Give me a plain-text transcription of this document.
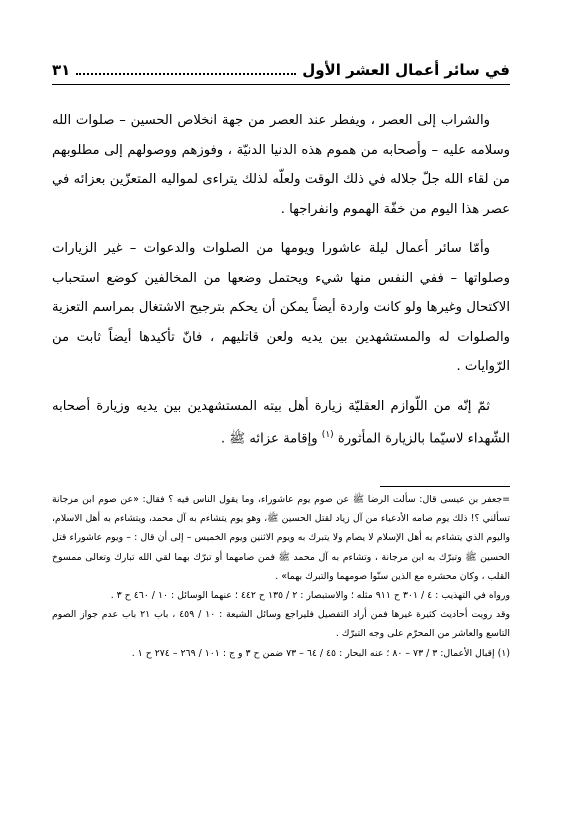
في سائر أعمال العشر الأول
٣١

والشراب إلى العصر ، ويفطر عند العصر من جهة انخلاص الحسين – صلوات الله وسلامه عليه – وأصحابه من هموم هذه الدنيا الدنيّة ، وفوزهم ووصولهم إلى مطلوبهم من لقاء الله جلّ جلاله في ذلك الوقت ولعلّه لذلك يتراءى لمواليه المتعزّين بعزائه في عصر هذا اليوم من خفّة الهموم وانفراجها .

وأمّا سائر أعمال ليلة عاشورا ويومها من الصلوات والدعوات – غير الزيارات وصلواتها – ففي النفس منها شيء ويحتمل وضعها من المخالفين كوضع استحباب الاكتحال وغيرها ولو كانت واردة أيضاً يمكن أن يحكم بترجيح الاشتغال بمراسم التعزية والصلوات له والمستشهدين بين يديه ولعن قاتليهم ، فانّ تأكيدها أيضاً ثابت من الرّوايات .

ثمّ إنّه من اللّوازم العقليّة زيارة أهل بيته المستشهدين بين يديه وزيارة أصحابه الشّهداء لاسيّما بالزيارة المأثورة $^{(١)}$ وإقامة عزائه ﷺ .

=جعفر بن عيسى قال: سألت الرضا ﷺ عن صوم يوم عاشوراء، وما يقول الناس فيه ؟ فقال: «عن صوم ابن مرجانة تسألني ؟! ذلك يوم صامه الأدعياء من آل زياد لقتل الحسين ﷺ، وهو يوم يتشاءم به آل محمد، ويتشاءم به أهل الاسلام، واليوم الذي يتشاءم به أهل الإسلام لا يصام ولا يتبرك به ويوم الاثنين ويوم الخميس – إلى أن قال : – ويوم عاشوراء قتل الحسين ﷺ وتبرّك به ابن مرجانة ، وتشاءم به آل محمد ﷺ فمن صامهما أو تبرّك بهما لقي الله تبارك وتعالى ممسوخ القلب ، وكان محشره مع الذين سنّوا صومهما والتبرك بهما» .

ورواه في التهذيب : ٤ / ٣٠١ ح ٩١١ مثله ؛ والاستبصار : ٢ / ١٣٥ ح ٤٤٢ ؛ عنهما الوسائل : ١٠ / ٤٦٠ ح ٣ .

وقد رويت أحاديث كثيرة غيرها فمن أراد التفصيل فليراجع وسائل الشيعة : ١٠ / ٤٥٩ ، باب ٢١ باب عدم جواز الصوم التاسع والعاشر من المحرّم على وجه التبرّك .

(١) إقبال الأعمال: ٣ / ٧٣ – ٨٠ ؛ عنه البحار : ٤٥ / ٦٤ – ٧٣ ضمن ح ٣ و ج : ١٠١ / ٢٦٩ – ٢٧٤ ح ١ .
